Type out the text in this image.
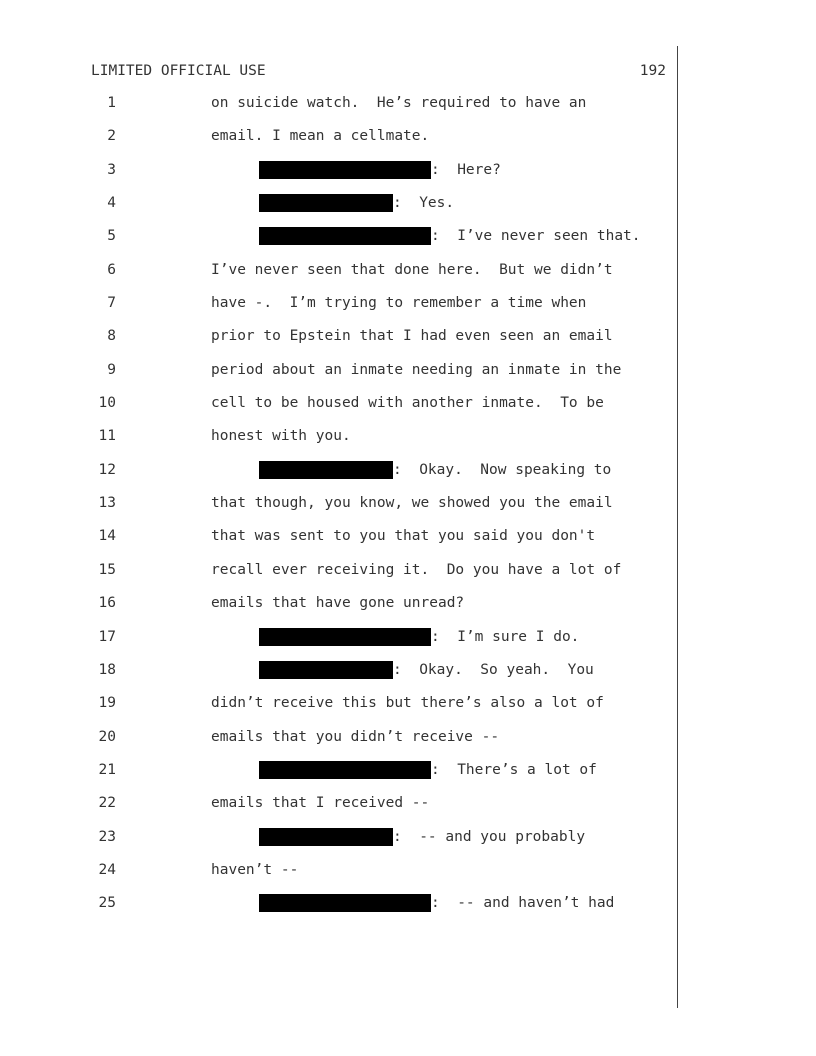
LIMITED OFFICIAL USE	192
1	on suicide watch.  He’s required to have an
2	email. I mean a cellmate.
3	:  Here?
4	:  Yes.
5	:  I’ve never seen that.
6	I’ve never seen that done here.  But we didn’t
7	have -.  I’m trying to remember a time when
8	prior to Epstein that I had even seen an email
9	period about an inmate needing an inmate in the
10	cell to be housed with another inmate.  To be
11	honest with you.
12	:  Okay.  Now speaking to
13	that though, you know, we showed you the email
14	that was sent to you that you said you don't
15	recall ever receiving it.  Do you have a lot of
16	emails that have gone unread?
17	:  I’m sure I do.
18	:  Okay.  So yeah.  You
19	didn’t receive this but there’s also a lot of
20	emails that you didn’t receive --
21	:  There’s a lot of
22	emails that I received --
23	:  -- and you probably
24	haven’t --
25	:  -- and haven’t had
